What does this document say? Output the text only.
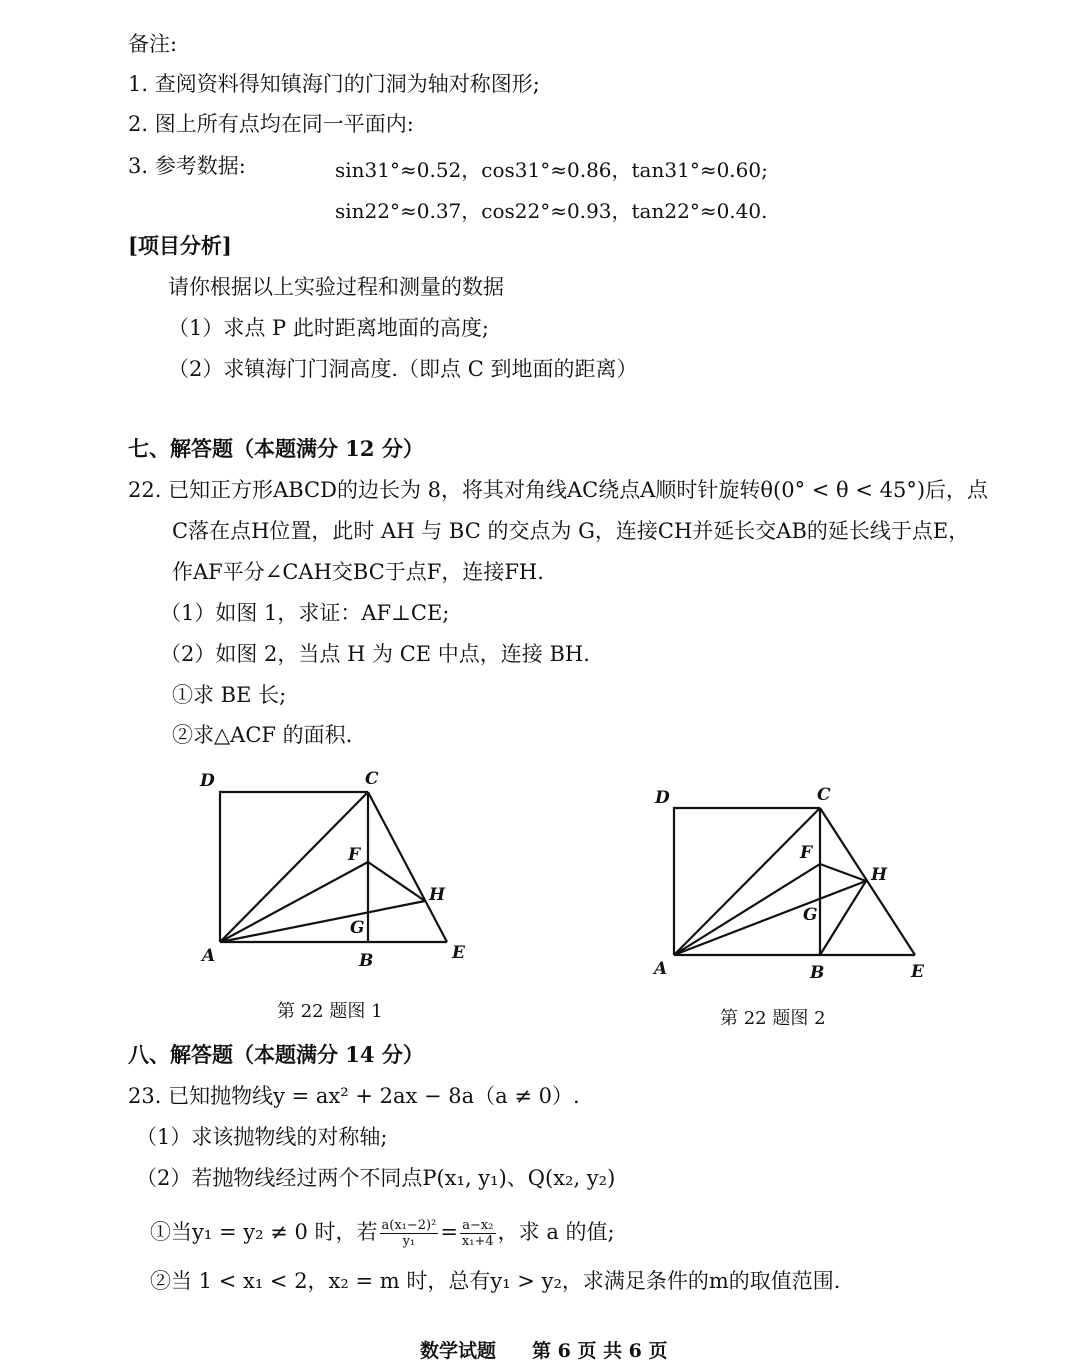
备注:
1. 查阅资料得知镇海门的门洞为轴对称图形;
2. 图上所有点均在同一平面内:
3. 参考数据:	sin31°≈0.52，cos31°≈0.86，tan31°≈0.60;
sin22°≈0.37，cos22°≈0.93，tan22°≈0.40.
[项目分析]
请你根据以上实验过程和测量的数据
（1）求点 P 此时距离地面的高度;
（2）求镇海门门洞高度.（即点 C 到地面的距离）
七、解答题（本题满分 12 分）
22. 已知正方形ABCD的边长为 8，将其对角线AC绕点A顺时针旋转θ(0° < θ < 45°)后，点
C落在点H位置，此时 AH 与 BC 的交点为 G，连接CH并延长交AB的延长线于点E，
作AF平分∠CAH交BC于点F，连接FH.
（1）如图 1，求证：AF⊥CE;
（2）如图 2，当点 H 为 CE 中点，连接 BH.
①求 BE 长;
②求△ACF 的面积.
D	C
F
H
G
A	B	E
第 22 题图 1
D	C
F
H
G
A	B	E
第 22 题图 2
八、解答题（本题满分 14 分）
23. 已知抛物线y = ax² + 2ax − 8a（a ≠ 0）.
（1）求该抛物线的对称轴;
（2）若抛物线经过两个不同点P(x₁, y₁)、Q(x₂, y₂)
①当y₁ = y₂ ≠ 0 时，若 $\frac{\text{a(x₁−2)²}}{\text{y₁}} = \frac{\text{a−x₂}}{\text{x₁+4}}$ ，求 a 的值;
②当 1 < x₁ < 2，x₂ = m 时，总有y₁ > y₂，求满足条件的m的取值范围.
数学试题 第 6 页 共 6 页
